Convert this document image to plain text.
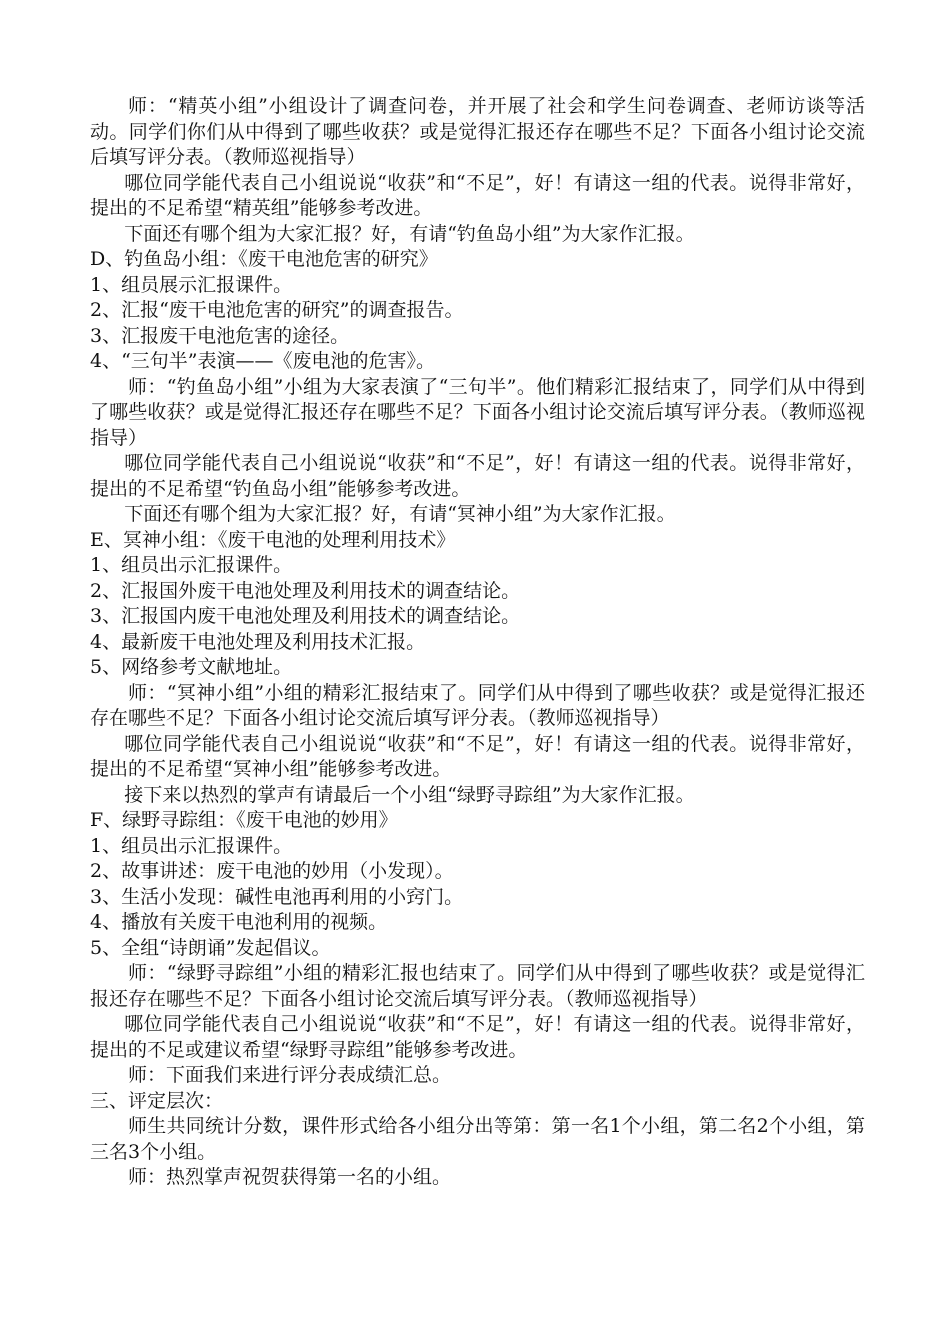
师：“精英小组”小组设计了调查问卷，并开展了社会和学生问卷调查、老师访谈等活动。同学们你们从中得到了哪些收获？或是觉得汇报还存在哪些不足？下面各小组讨论交流后填写评分表。（教师巡视指导）

哪位同学能代表自己小组说说“收获”和“不足”，好！有请这一组的代表。说得非常好，提出的不足希望“精英组”能够参考改进。

下面还有哪个组为大家汇报？好，有请“钓鱼岛小组”为大家作汇报。

D、钓鱼岛小组：《废干电池危害的研究》

1、组员展示汇报课件。

2、汇报“废干电池危害的研究”的调查报告。

3、汇报废干电池危害的途径。

4、“三句半”表演——《废电池的危害》。

师：“钓鱼岛小组”小组为大家表演了“三句半”。他们精彩汇报结束了，同学们从中得到了哪些收获？或是觉得汇报还存在哪些不足？下面各小组讨论交流后填写评分表。（教师巡视指导）

哪位同学能代表自己小组说说“收获”和“不足”，好！有请这一组的代表。说得非常好，提出的不足希望“钓鱼岛小组”能够参考改进。

下面还有哪个组为大家汇报？好，有请“冥神小组”为大家作汇报。

E、冥神小组：《废干电池的处理利用技术》

1、组员出示汇报课件。

2、汇报国外废干电池处理及利用技术的调查结论。

3、汇报国内废干电池处理及利用技术的调查结论。

4、最新废干电池处理及利用技术汇报。

5、网络参考文献地址。

师：“冥神小组”小组的精彩汇报结束了。同学们从中得到了哪些收获？或是觉得汇报还存在哪些不足？下面各小组讨论交流后填写评分表。（教师巡视指导）

哪位同学能代表自己小组说说“收获”和“不足”，好！有请这一组的代表。说得非常好，提出的不足希望“冥神小组”能够参考改进。

接下来以热烈的掌声有请最后一个小组“绿野寻踪组”为大家作汇报。

F、绿野寻踪组：《废干电池的妙用》

1、组员出示汇报课件。

2、故事讲述：废干电池的妙用（小发现）。

3、生活小发现：碱性电池再利用的小窍门。

4、播放有关废干电池利用的视频。

5、全组“诗朗诵”发起倡议。

师：“绿野寻踪组”小组的精彩汇报也结束了。同学们从中得到了哪些收获？或是觉得汇报还存在哪些不足？下面各小组讨论交流后填写评分表。（教师巡视指导）

哪位同学能代表自己小组说说“收获”和“不足”，好！有请这一组的代表。说得非常好，提出的不足或建议希望“绿野寻踪组”能够参考改进。

师：下面我们来进行评分表成绩汇总。

三、评定层次：

师生共同统计分数，课件形式给各小组分出等第：第一名1个小组，第二名2个小组，第三名3个小组。

师：热烈掌声祝贺获得第一名的小组。
